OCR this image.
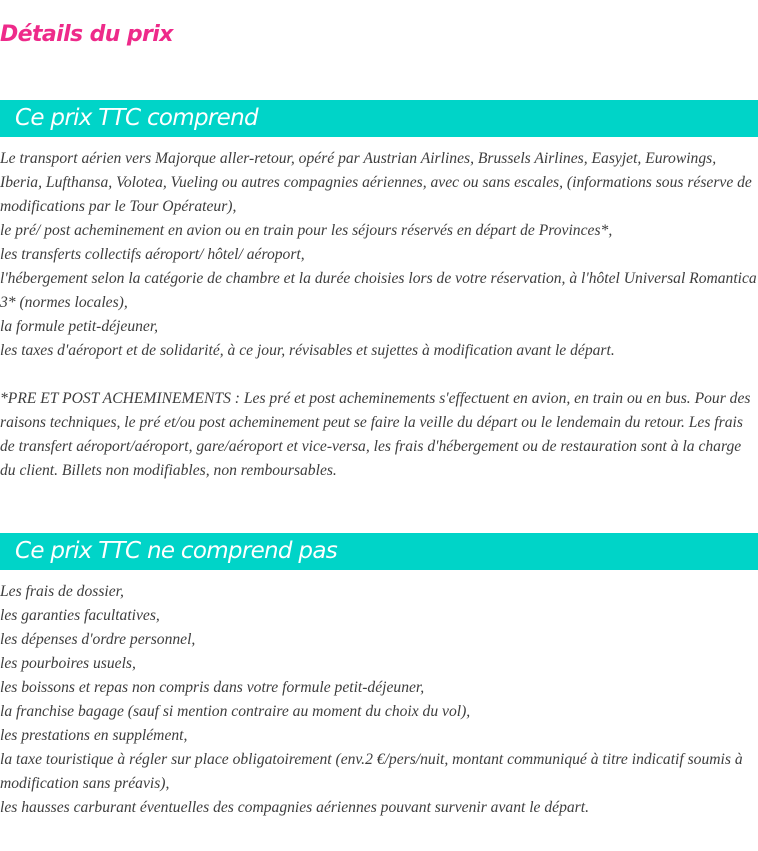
Détails du prix
Ce prix TTC comprend
Le transport aérien vers Majorque aller-retour, opéré par Austrian Airlines, Brussels Airlines, Easyjet, Eurowings, Iberia, Lufthansa, Volotea, Vueling ou autres compagnies aériennes, avec ou sans escales, (informations sous réserve de modifications par le Tour Opérateur),
le pré/ post acheminement en avion ou en train pour les séjours réservés en départ de Provinces*,
les transferts collectifs aéroport/ hôtel/ aéroport,
l'hébergement selon la catégorie de chambre et la durée choisies lors de votre réservation, à l'hôtel Universal Romantica 3* (normes locales),
la formule petit-déjeuner,
les taxes d'aéroport et de solidarité, à ce jour, révisables et sujettes à modification avant le départ.

*PRE ET POST ACHEMINEMENTS : Les pré et post acheminements s'effectuent en avion, en train ou en bus. Pour des raisons techniques, le pré et/ou post acheminement peut se faire la veille du départ ou le lendemain du retour. Les frais de transfert aéroport/aéroport, gare/aéroport et vice-versa, les frais d'hébergement ou de restauration sont à la charge du client. Billets non modifiables, non remboursables.

Ce prix TTC ne comprend pas
Les frais de dossier,
les garanties facultatives,
les dépenses d'ordre personnel,
les pourboires usuels,
les boissons et repas non compris dans votre formule petit-déjeuner,
la franchise bagage (sauf si mention contraire au moment du choix du vol),
les prestations en supplément,
la taxe touristique à régler sur place obligatoirement (env.2 €/pers/nuit, montant communiqué à titre indicatif soumis à modification sans préavis),
les hausses carburant éventuelles des compagnies aériennes pouvant survenir avant le départ.
